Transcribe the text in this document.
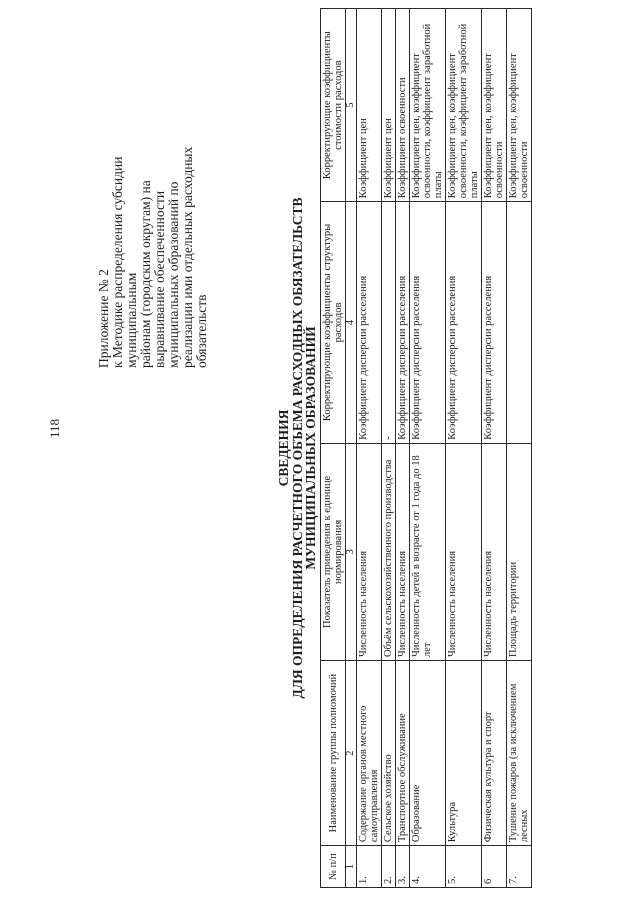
118
Приложение № 2 к Методике распределения субсидии муниципальным районам (городским округам) на выравнивание обеспеченности муниципальных образований по реализации ими отдельных расходных обязательств
СВЕДЕНИЯ
ДЛЯ ОПРЕДЕЛЕНИЯ РАСЧЕТНОГО ОБЪЕМА РАСХОДНЫХ ОБЯЗАТЕЛЬСТВ
МУНИЦИПАЛЬНЫХ ОБРАЗОВАНИЙ
№ п/п	Наименование группы полномочий	Показатель приведения к единице нормирования	Корректирующие коэффициенты структуры расходов	Корректирующие коэффициенты стоимости расходов
1	2	3	4	5
1.	Содержание органов местного самоуправления	Численность населения	Коэффициент дисперсии расселения	Коэффициент цен
2.	Сельское хозяйство	Объём сельскохозяйственного производства	-	Коэффициент цен
3.	Транспортное обслуживание	Численность населения	Коэффициент дисперсии расселения	Коэффициент освоенности
4.	Образование	Численность детей в возрасте от 1 года до 18 лет	Коэффициент дисперсии расселения	Коэффициент цен, коэффициент освоенности, коэффициент заработной платы
5.	Культура	Численность населения	Коэффициент дисперсии расселения	Коэффициент цен, коэффициент освоенности, коэффициент заработной платы
6	Физическая культура и спорт	Численность населения	Коэффициент дисперсии расселения	Коэффициент цен, коэффициент освоенности
7.	Тушение пожаров (за исключением лесных	Площадь территории		Коэффициент цен, коэффициент освоенности
